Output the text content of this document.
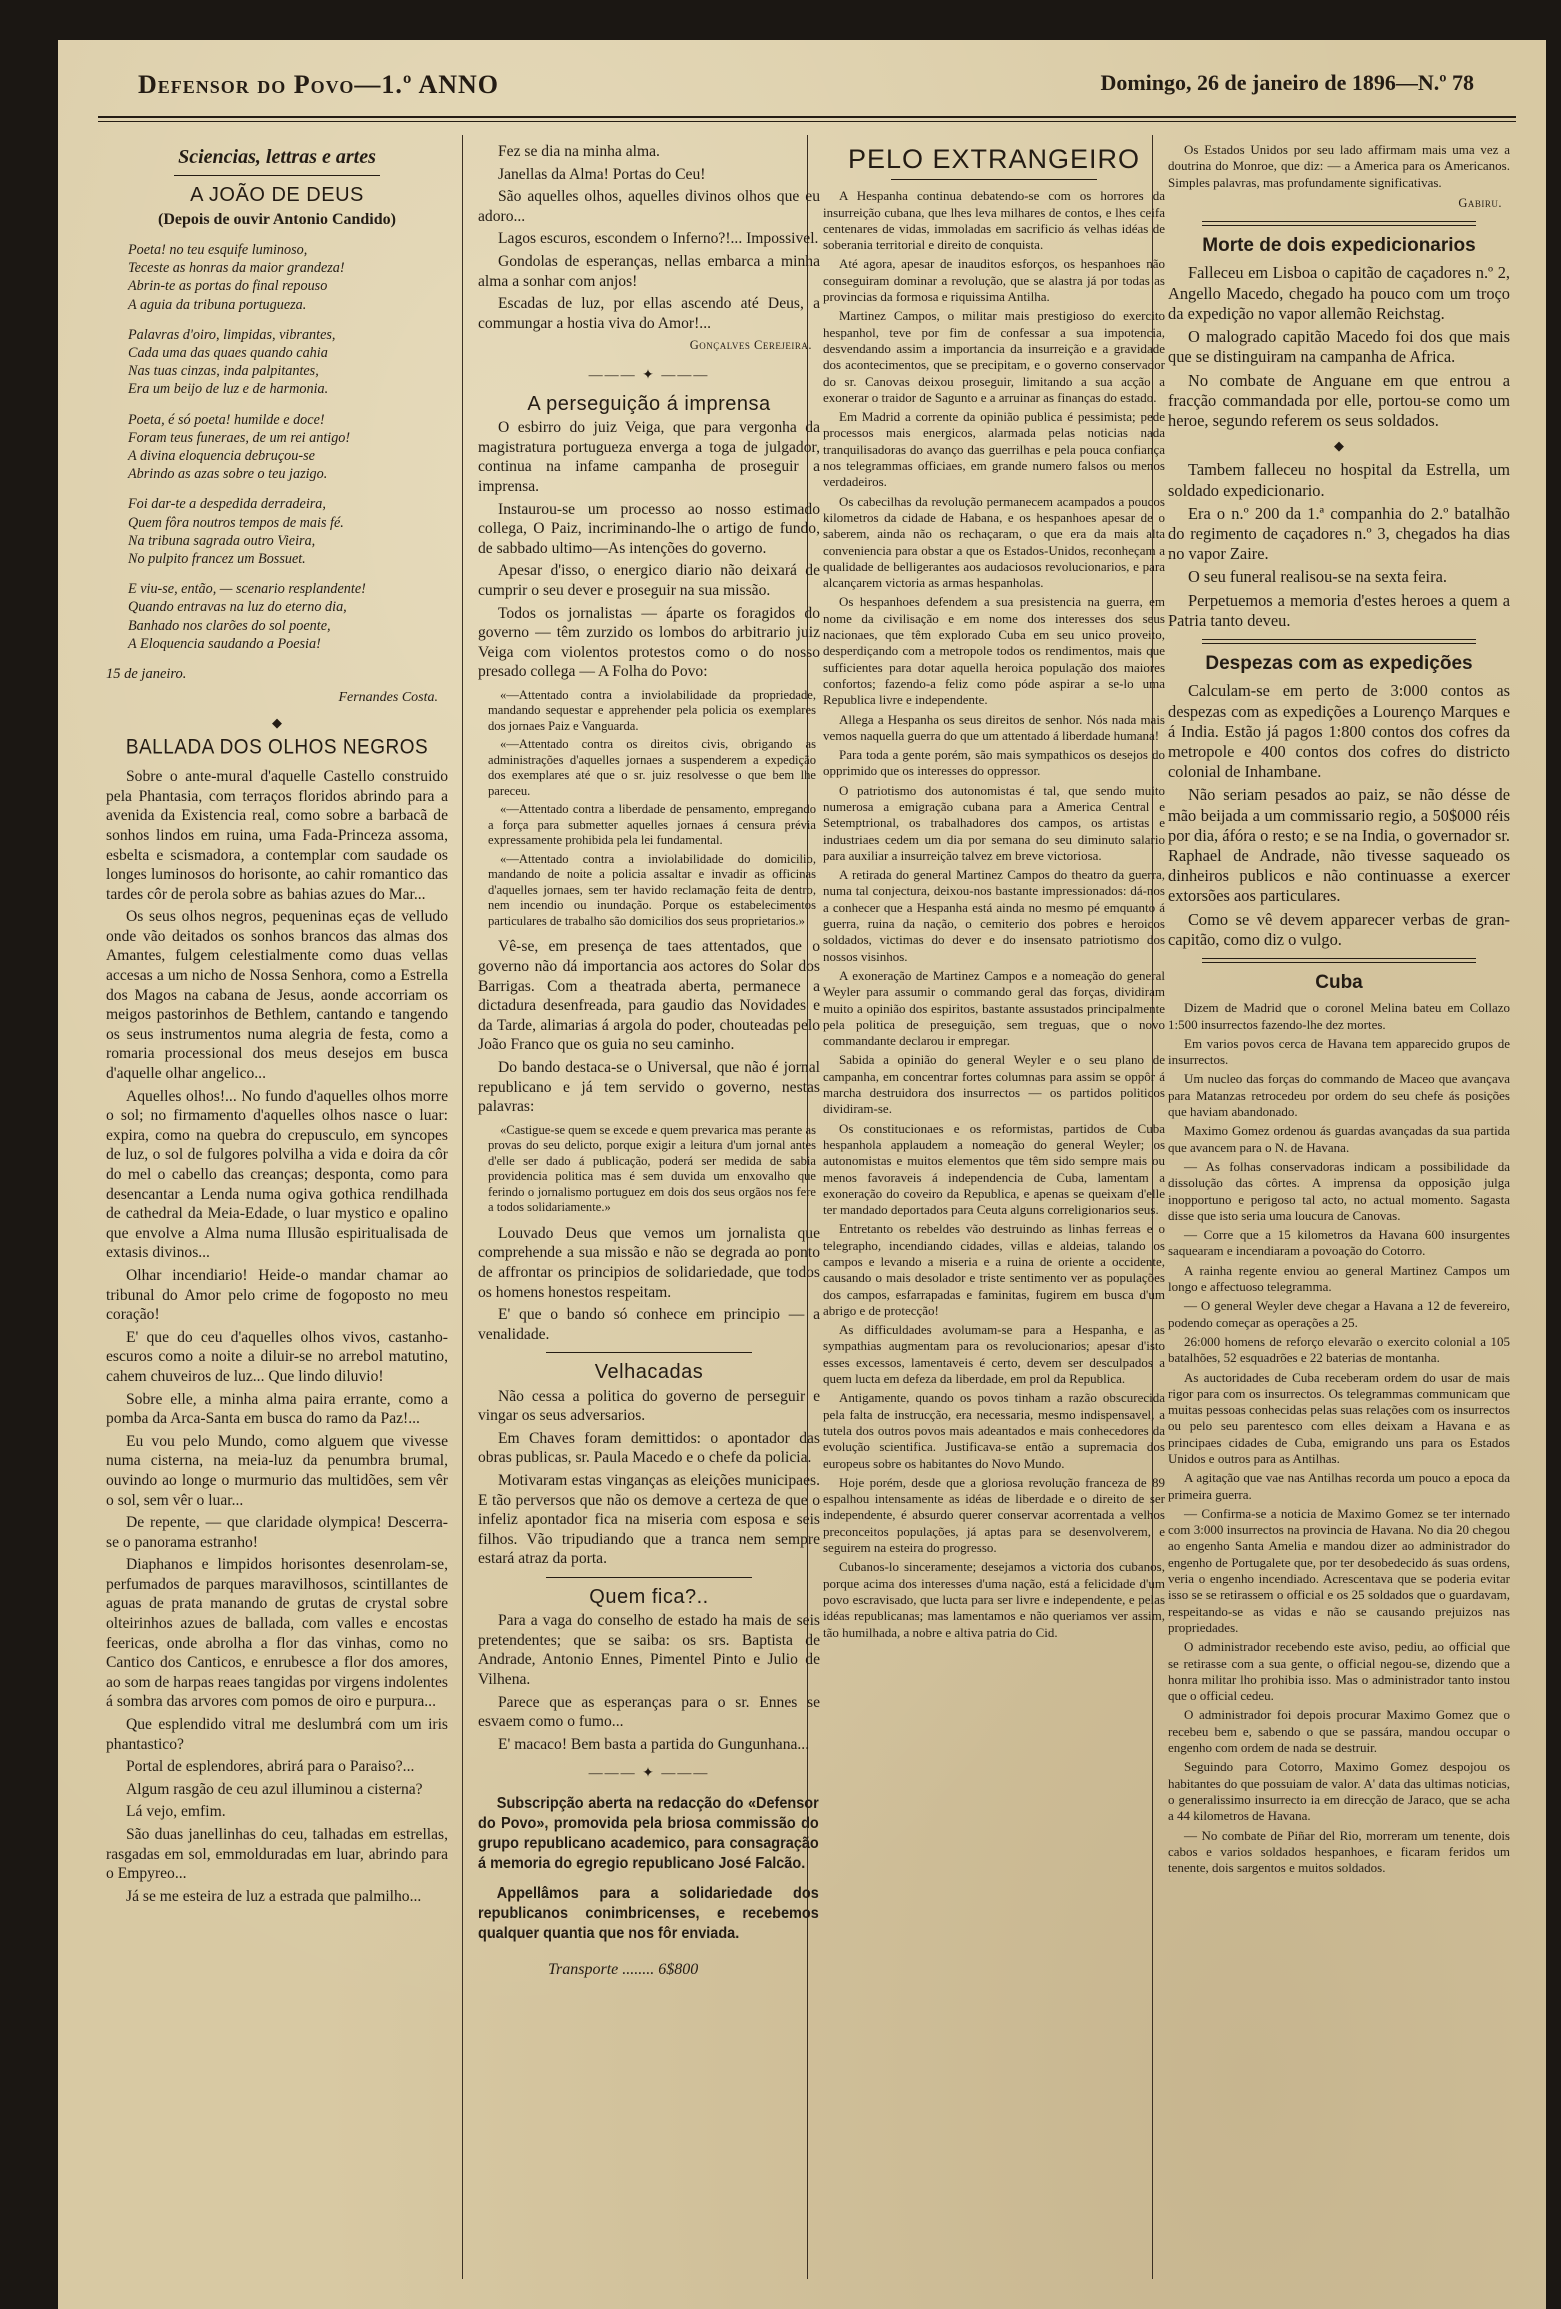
Defensor do Povo—1.º ANNO	Domingo, 26 de janeiro de 1896—N.º 78
Sciencias, lettras e artes
A JOÃO DE DEUS
(Depois de ouvir Antonio Candido)
Poeta! no teu esquife luminoso,
Teceste as honras da maior grandeza!
Abrin-te as portas do final repouso
A aguia da tribuna portugueza.
Palavras d'oiro, limpidas, vibrantes,
Cada uma das quaes quando cahia
Nas tuas cinzas, inda palpitantes,
Era um beijo de luz e de harmonia.
Poeta, é só poeta! humilde e doce!
Foram teus funeraes, de um rei antigo!
A divina eloquencia debruçou-se
Abrindo as azas sobre o teu jazigo.
Foi dar-te a despedida derradeira,
Quem fôra noutros tempos de mais fé.
Na tribuna sagrada outro Vieira,
No pulpito francez um Bossuet.
E viu-se, então, — scenario resplandente!
Quando entravas na luz do eterno dia,
Banhado nos clarões do sol poente,
A Eloquencia saudando a Poesia!
15 de janeiro.
Fernandes Costa.
◆
BALLADA DOS OLHOS NEGROS

Sobre o ante-mural d'aquelle Castello construido pela Phantasia, com terraços floridos abrindo para a avenida da Existencia real, como sobre a barbacã de sonhos lindos em ruina, uma Fada-Princeza assoma, esbelta e scismadora, a contemplar com saudade os longes luminosos do horisonte, ao cahir romantico das tardes côr de perola sobre as bahias azues do Mar...

Os seus olhos negros, pequeninas eças de velludo onde vão deitados os sonhos brancos das almas dos Amantes, fulgem celestialmente como duas vellas accesas a um nicho de Nossa Senhora, como a Estrella dos Magos na cabana de Jesus, aonde accorriam os meigos pastorinhos de Bethlem, cantando e tangendo os seus instrumentos numa alegria de festa, como a romaria processional dos meus desejos em busca d'aquelle olhar angelico...

Aquelles olhos!... No fundo d'aquelles olhos morre o sol; no firmamento d'aquelles olhos nasce o luar: expira, como na quebra do crepusculo, em syncopes de luz, o sol de fulgores polvilha a vida e doira da côr do mel o cabello das creanças; desponta, como para desencantar a Lenda numa ogiva gothica rendilhada de cathedral da Meia-Edade, o luar mystico e opalino que envolve a Alma numa Illusão espiritualisada de extasis divinos...

Olhar incendiario! Heide-o mandar chamar ao tribunal do Amor pelo crime de fogoposto no meu coração!

E' que do ceu d'aquelles olhos vivos, castanho-escuros como a noite a diluir-se no arrebol matutino, cahem chuveiros de luz... Que lindo diluvio!

Sobre elle, a minha alma paira errante, como a pomba da Arca-Santa em busca do ramo da Paz!...

Eu vou pelo Mundo, como alguem que vivesse numa cisterna, na meia-luz da penumbra brumal, ouvindo ao longe o murmurio das multidões, sem vêr o sol, sem vêr o luar...

De repente, — que claridade olympica! Descerra-se o panorama estranho!

Diaphanos e limpidos horisontes desenrolam-se, perfumados de parques maravilhosos, scintillantes de aguas de prata manando de grutas de crystal sobre olteirinhos azues de ballada, com valles e encostas feericas, onde abrolha a flor das vinhas, como no Cantico dos Canticos, e enrubesce a flor dos amores, ao som de harpas reaes tangidas por virgens indolentes á sombra das arvores com pomos de oiro e purpura...

Que esplendido vitral me deslumbrá com um iris phantastico?

Portal de esplendores, abrirá para o Paraiso?...

Algum rasgão de ceu azul illuminou a cisterna?

Lá vejo, emfim.

São duas janellinhas do ceu, talhadas em estrellas, rasgadas em sol, emmolduradas em luar, abrindo para o Empyreo...

Já se me esteira de luz a estrada que palmilho...

Fez se dia na minha alma.

Janellas da Alma! Portas do Ceu!

São aquelles olhos, aquelles divinos olhos que eu adoro...

Lagos escuros, escondem o Inferno?!... Impossivel.

Gondolas de esperanças, nellas embarca a minha alma a sonhar com anjos!

Escadas de luz, por ellas ascendo até Deus, a commungar a hostia viva do Amor!...

Gonçalves Cerejeira.
——— ✦ ———
A perseguição á imprensa

O esbirro do juiz Veiga, que para vergonha da magistratura portugueza enverga a toga de julgador, continua na infame campanha de proseguir a imprensa.

Instaurou-se um processo ao nosso estimado collega, O Paiz, incriminando-lhe o artigo de fundo, de sabbado ultimo—As intenções do governo.

Apesar d'isso, o energico diario não deixará de cumprir o seu dever e proseguir na sua missão.

Todos os jornalistas — áparte os foragidos do governo — têm zurzido os lombos do arbitrario juiz Veiga com violentos protestos como o do nosso presado collega — A Folha do Povo:

«—Attentado contra a inviolabilidade da propriedade, mandando sequestar e apprehender pela policia os exemplares dos jornaes Paiz e Vanguarda.

«—Attentado contra os direitos civis, obrigando as administrações d'aquelles jornaes a suspenderem a expedição dos exemplares até que o sr. juiz resolvesse o que bem lhe pareceu.

«—Attentado contra a liberdade de pensamento, empregando a força para submetter aquelles jornaes á censura prévia expressamente prohibida pela lei fundamental.

«—Attentado contra a inviolabilidade do domicilio, mandando de noite a policia assaltar e invadir as officinas d'aquelles jornaes, sem ter havido reclamação feita de dentro, nem incendio ou inundação. Porque os estabelecimentos particulares de trabalho são domicilios dos seus proprietarios.»

Vê-se, em presença de taes attentados, que o governo não dá importancia aos actores do Solar dos Barrigas. Com a theatrada aberta, permanece a dictadura desenfreada, para gaudio das Novidades e da Tarde, alimarias á argola do poder, chouteadas pelo João Franco que os guia no seu caminho.

Do bando destaca-se o Universal, que não é jornal republicano e já tem servido o governo, nestas palavras:

«Castigue-se quem se excede e quem prevarica mas perante as provas do seu delicto, porque exigir a leitura d'um jornal antes d'elle ser dado á publicação, poderá ser medida de sabia providencia politica mas é sem duvida um enxovalho que ferindo o jornalismo portuguez em dois dos seus orgãos nos fere a todos solidariamente.»

Louvado Deus que vemos um jornalista que comprehende a sua missão e não se degrada ao ponto de affrontar os principios de solidariedade, que todos os homens honestos respeitam.

E' que o bando só conhece em principio — a venalidade.

Velhacadas

Não cessa a politica do governo de perseguir e vingar os seus adversarios.

Em Chaves foram demittidos: o apontador das obras publicas, sr. Paula Macedo e o chefe da policia.

Motivaram estas vinganças as eleições municipaes. E tão perversos que não os demove a certeza de que o infeliz apontador fica na miseria com esposa e seis filhos. Vão tripudiando que a tranca nem sempre estará atraz da porta.

Quem fica?..

Para a vaga do conselho de estado ha mais de seis pretendentes; que se saiba: os srs. Baptista de Andrade, Antonio Ennes, Pimentel Pinto e Julio de Vilhena.

Parece que as esperanças para o sr. Ennes se esvaem como o fumo...

E' macaco! Bem basta a partida do Gungunhana...

——— ✦ ———

Subscripção aberta na redacção do «Defensor do Povo», promovida pela briosa commissão do grupo republicano academico, para consagração á memoria do egregio republicano José Falcão.

Appellâmos para a solidariedade dos republicanos conimbricenses, e recebemos qualquer quantia que nos fôr enviada.

Transporte ........ 6$800
PELO EXTRANGEIRO

A Hespanha continua debatendo-se com os horrores da insurreição cubana, que lhes leva milhares de contos, e lhes ceifa centenares de vidas, immoladas em sacrificio ás velhas idéas de soberania territorial e direito de conquista.

Até agora, apesar de inauditos esforços, os hespanhoes não conseguiram dominar a revolução, que se alastra já por todas as provincias da formosa e riquissima Antilha.

Martinez Campos, o militar mais prestigioso do exercito hespanhol, teve por fim de confessar a sua impotencia, desvendando assim a importancia da insurreição e a gravidade dos acontecimentos, que se precipitam, e o governo conservador do sr. Canovas deixou proseguir, limitando a sua acção a exonerar o traidor de Sagunto e a arruinar as finanças do estado.

Em Madrid a corrente da opinião publica é pessimista; pede processos mais energicos, alarmada pelas noticias nada tranquilisadoras do avanço das guerrilhas e pela pouca confiança nos telegrammas officiaes, em grande numero falsos ou menos verdadeiros.

Os cabecilhas da revolução permanecem acampados a poucos kilometros da cidade de Habana, e os hespanhoes apesar de o saberem, ainda não os rechaçaram, o que era da mais alta conveniencia para obstar a que os Estados-Unidos, reconheçam a qualidade de belligerantes aos audaciosos revolucionarios, e para alcançarem victoria as armas hespanholas.

Os hespanhoes defendem a sua presistencia na guerra, em nome da civilisação e em nome dos interesses dos seus nacionaes, que têm explorado Cuba em seu unico proveito, desperdiçando com a metropole todos os rendimentos, mais que sufficientes para dotar aquella heroica população dos maiores confortos; fazendo-a feliz como póde aspirar a se-lo uma Republica livre e independente.

Allega a Hespanha os seus direitos de senhor. Nós nada mais vemos naquella guerra do que um attentado á liberdade humana!

Para toda a gente porém, são mais sympathicos os desejos do opprimido que os interesses do oppressor.

O patriotismo dos autonomistas é tal, que sendo muito numerosa a emigração cubana para a America Central e Setemptrional, os trabalhadores dos campos, os artistas e industriaes cedem um dia por semana do seu diminuto salario para auxiliar a insurreição talvez em breve victoriosa.

A retirada do general Martinez Campos do theatro da guerra, numa tal conjectura, deixou-nos bastante impressionados: dá-nos a conhecer que a Hespanha está ainda no mesmo pé emquanto á guerra, ruina da nação, o cemiterio dos pobres e heroicos soldados, victimas do dever e do insensato patriotismo dos nossos visinhos.

A exoneração de Martinez Campos e a nomeação do general Weyler para assumir o commando geral das forças, dividiram muito a opinião dos espiritos, bastante assustados principalmente pela politica de preseguição, sem treguas, que o novo commandante declarou ir empregar.

Sabida a opinião do general Weyler e o seu plano de campanha, em concentrar fortes columnas para assim se oppôr á marcha destruidora dos insurrectos — os partidos politicos dividiram-se.

Os constitucionaes e os reformistas, partidos de Cuba hespanhola applaudem a nomeação do general Weyler; os autonomistas e muitos elementos que têm sido sempre mais ou menos favoraveis á independencia de Cuba, lamentam a exoneração do coveiro da Republica, e apenas se queixam d'elle ter mandado deportados para Ceuta alguns correligionarios seus.

Entretanto os rebeldes vão destruindo as linhas ferreas e o telegrapho, incendiando cidades, villas e aldeias, talando os campos e levando a miseria e a ruina de oriente a occidente, causando o mais desolador e triste sentimento ver as populações dos campos, esfarrapadas e faminitas, fugirem em busca d'um abrigo e de protecção!

As difficuldades avolumam-se para a Hespanha, e as sympathias augmentam para os revolucionarios; apesar d'isto esses excessos, lamentaveis é certo, devem ser desculpados a quem lucta em defeza da liberdade, em prol da Republica.

Antigamente, quando os povos tinham a razão obscurecida pela falta de instrucção, era necessaria, mesmo indispensavel, a tutela dos outros povos mais adeantados e mais conhecedores da evolução scientifica. Justificava-se então a supremacia dos europeus sobre os habitantes do Novo Mundo.

Hoje porém, desde que a gloriosa revolução franceza de 89 espalhou intensamente as idéas de liberdade e o direito de ser independente, é absurdo querer conservar acorrentada a velhos preconceitos populações, já aptas para se desenvolverem, e seguirem na esteira do progresso.

Cubanos-lo sinceramente; desejamos a victoria dos cubanos, porque acima dos interesses d'uma nação, está a felicidade d'um povo escravisado, que lucta para ser livre e independente, e pelas idéas republicanas; mas lamentamos e não queriamos ver assim, tão humilhada, a nobre e altiva patria do Cid.

Os Estados Unidos por seu lado affirmam mais uma vez a doutrina do Monroe, que diz: — a America para os Americanos. Simples palavras, mas profundamente significativas.

Gabiru.
Morte de dois expedicionarios

Falleceu em Lisboa o capitão de caçadores n.º 2, Angello Macedo, chegado ha pouco com um troço da expedição no vapor allemão Reichstag.

O malogrado capitão Macedo foi dos que mais que se distinguiram na campanha de Africa.

No combate de Anguane em que entrou a fracção commandada por elle, portou-se como um heroe, segundo referem os seus soldados.

◆

Tambem falleceu no hospital da Estrella, um soldado expedicionario.

Era o n.º 200 da 1.ª companhia do 2.º batalhão do regimento de caçadores n.º 3, chegados ha dias no vapor Zaire.

O seu funeral realisou-se na sexta feira.

Perpetuemos a memoria d'estes heroes a quem a Patria tanto deveu.

Despezas com as expedições

Calculam-se em perto de 3:000 contos as despezas com as expedições a Lourenço Marques e á India. Estão já pagos 1:800 contos dos cofres da metropole e 400 contos dos cofres do districto colonial de Inhambane.

Não seriam pesados ao paiz, se não désse de mão beijada a um commissario regio, a 50$000 réis por dia, áfóra o resto; e se na India, o governador sr. Raphael de Andrade, não tivesse saqueado os dinheiros publicos e não continuasse a exercer extorsões aos particulares.

Como se vê devem apparecer verbas de gran-capitão, como diz o vulgo.

Cuba

Dizem de Madrid que o coronel Melina bateu em Collazo 1:500 insurrectos fazendo-lhe dez mortes.

Em varios povos cerca de Havana tem apparecido grupos de insurrectos.

Um nucleo das forças do commando de Maceo que avançava para Matanzas retrocedeu por ordem do seu chefe ás posições que haviam abandonado.

Maximo Gomez ordenou ás guardas avançadas da sua partida que avancem para o N. de Havana.

— As folhas conservadoras indicam a possibilidade da dissolução das côrtes. A imprensa da opposição julga inopportuno e perigoso tal acto, no actual momento. Sagasta disse que isto seria uma loucura de Canovas.

— Corre que a 15 kilometros da Havana 600 insurgentes saquearam e incendiaram a povoação do Cotorro.

A rainha regente enviou ao general Martinez Campos um longo e affectuoso telegramma.

— O general Weyler deve chegar a Havana a 12 de fevereiro, podendo começar as operações a 25.

26:000 homens de reforço elevarão o exercito colonial a 105 batalhões, 52 esquadrões e 22 baterias de montanha.

As auctoridades de Cuba receberam ordem do usar de mais rigor para com os insurrectos. Os telegrammas communicam que muitas pessoas conhecidas pelas suas relações com os insurrectos ou pelo seu parentesco com elles deixam a Havana e as principaes cidades de Cuba, emigrando uns para os Estados Unidos e outros para as Antilhas.

A agitação que vae nas Antilhas recorda um pouco a epoca da primeira guerra.

— Confirma-se a noticia de Maximo Gomez se ter internado com 3:000 insurrectos na provincia de Havana. No dia 20 chegou ao engenho Santa Amelia e mandou dizer ao administrador do engenho de Portugalete que, por ter desobedecido ás suas ordens, veria o engenho incendiado. Acrescentava que se poderia evitar isso se se retirassem o official e os 25 soldados que o guardavam, respeitando-se as vidas e não se causando prejuizos nas propriedades.

O administrador recebendo este aviso, pediu, ao official que se retirasse com a sua gente, o official negou-se, dizendo que a honra militar lho prohibia isso. Mas o administrador tanto instou que o official cedeu.

O administrador foi depois procurar Maximo Gomez que o recebeu bem e, sabendo o que se passára, mandou occupar o engenho com ordem de nada se destruir.

Seguindo para Cotorro, Maximo Gomez despojou os habitantes do que possuiam de valor. A' data das ultimas noticias, o generalissimo insurrecto ia em direcção de Jaraco, que se acha a 44 kilometros de Havana.

— No combate de Piñar del Rio, morreram um tenente, dois cabos e varios soldados hespanhoes, e ficaram feridos um tenente, dois sargentos e muitos soldados.
